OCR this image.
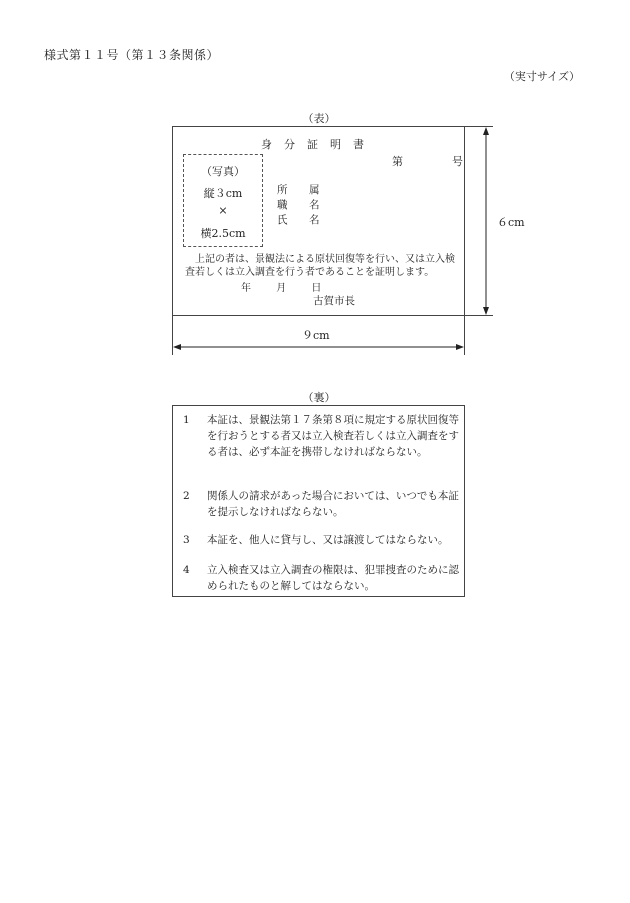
様式第１１号（第１３条関係）
（実寸サイズ）
（表）
身分証明書
第	号
（写真）
縦３cm
×
横2.5cm
所 属
職 名
氏 名
上記の者は、景観法による原状回復等を行い、又は立入検査若しくは立入調査を行う者であることを証明します。
年	月	日
古賀市長
６cm
９cm
（裏）
1	本証は、景観法第１７条第８項に規定する原状回復等を行おうとする者又は立入検査若しくは立入調査をする者は、必ず本証を携帯しなければならない。
2	関係人の請求があった場合においては、いつでも本証を提示しなければならない。
3	本証を、他人に貸与し、又は譲渡してはならない。
4	立入検査又は立入調査の権限は、犯罪捜査のために認められたものと解してはならない。
